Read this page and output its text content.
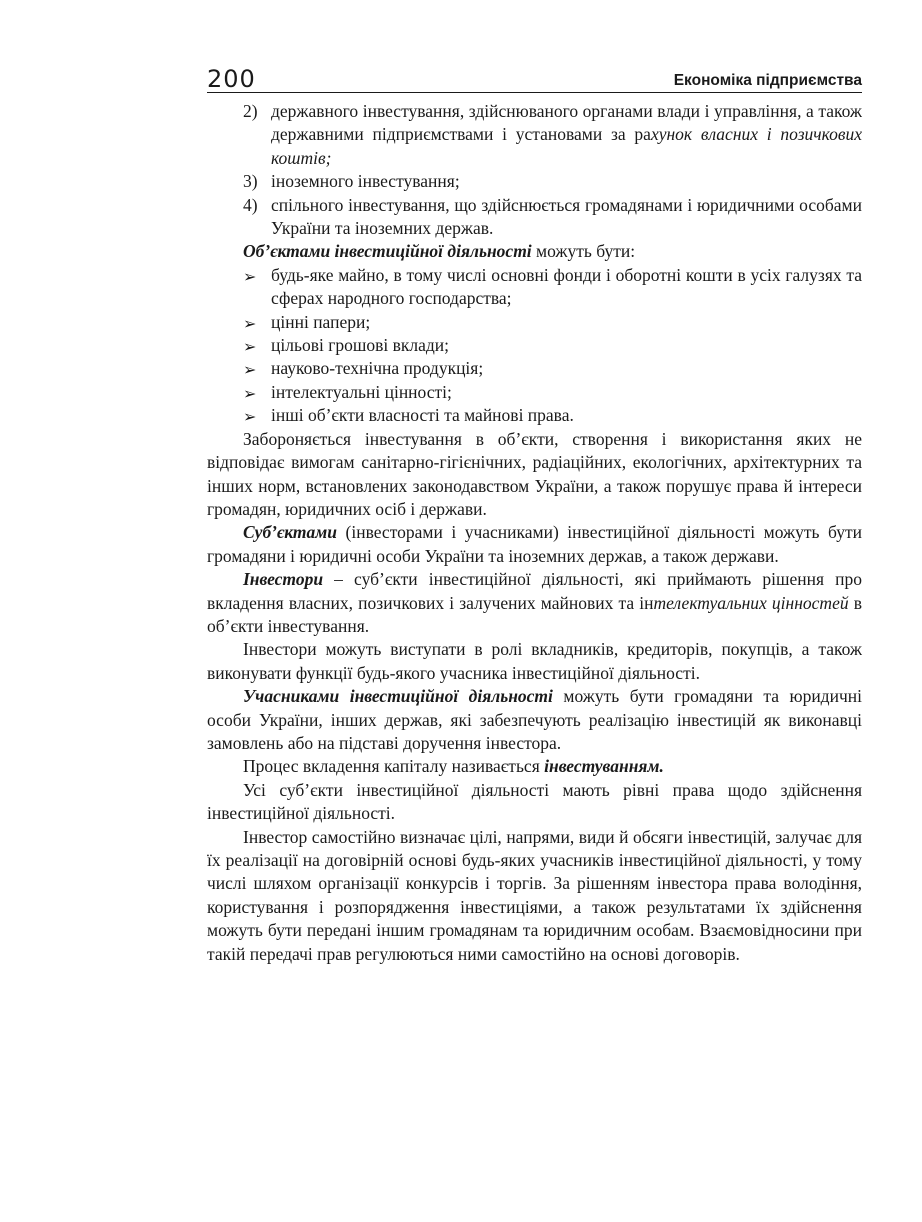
200	Економіка підприємства
2) державного інвестування, здійснюваного органами влади і управління, а також державними підприємствами і установами за рахунок власних і позичкових коштів;
3) іноземного інвестування;
4) спільного інвестування, що здійснюється громадянами і юридичними особами України та іноземних держав.

Об’єктами інвестиційної діяльності можуть бути:

➢ будь-яке майно, в тому числі основні фонди і оборотні кошти в усіх галузях та сферах народного господарства;
➢ цінні папери;
➢ цільові грошові вклади;
➢ науково-технічна продукція;
➢ інтелектуальні цінності;
➢ інші об’єкти власності та майнові права.

Забороняється інвестування в об’єкти, створення і використання яких не відповідає вимогам санітарно-гігієнічних, радіаційних, екологічних, архітектурних та інших норм, встановлених законодавством України, а також порушує права й інтереси громадян, юридичних осіб і держави.

Суб’єктами (інвесторами і учасниками) інвестиційної діяльності можуть бути громадяни і юридичні особи України та іноземних держав, а також держави.

Інвестори – суб’єкти інвестиційної діяльності, які приймають рішення про вкладення власних, позичкових і залучених майнових та інтелектуальних цінностей в об’єкти інвестування.

Інвестори можуть виступати в ролі вкладників, кредиторів, покупців, а також виконувати функції будь-якого учасника інвестиційної діяльності.

Учасниками інвестиційної діяльності можуть бути громадяни та юридичні особи України, інших держав, які забезпечують реалізацію інвестицій як виконавці замовлень або на підставі доручення інвестора.

Процес вкладення капіталу називається інвестуванням.

Усі суб’єкти інвестиційної діяльності мають рівні права щодо здійснення інвестиційної діяльності.

Інвестор самостійно визначає цілі, напрями, види й обсяги інвестицій, залучає для їх реалізації на договірній основі будь-яких учасників інвестиційної діяльності, у тому числі шляхом організації конкурсів і торгів. За рішенням інвестора права володіння, користування і розпорядження інвестиціями, а також результатами їх здійснення можуть бути передані іншим громадянам та юридичним особам. Взаємовідносини при такій передачі прав регулюються ними самостійно на основі договорів.
